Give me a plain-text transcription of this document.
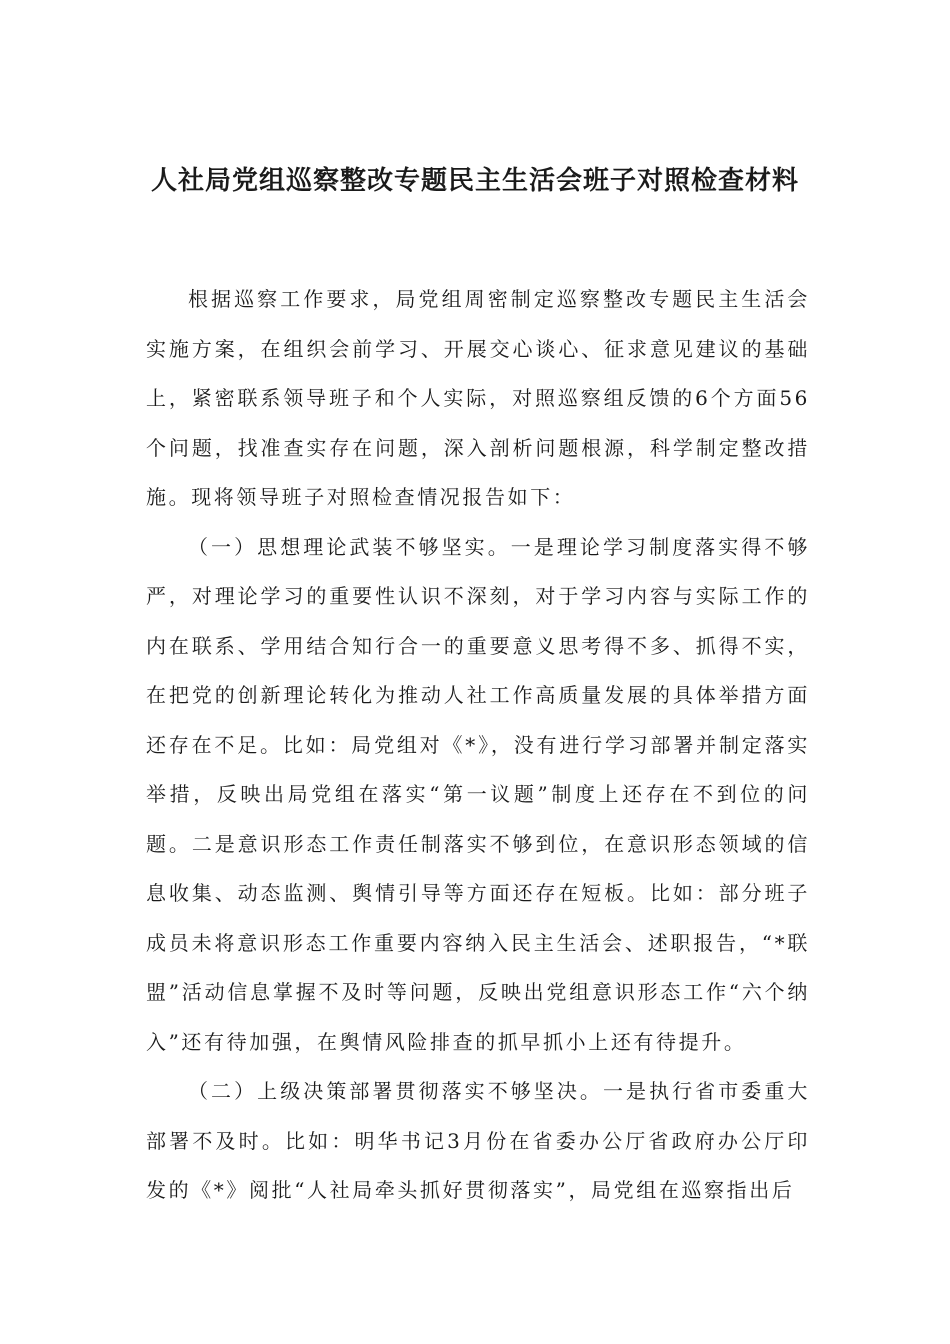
人社局党组巡察整改专题民主生活会班子对照检查材料

根据巡察工作要求，局党组周密制定巡察整改专题民主生活会实施方案，在组织会前学习、开展交心谈心、征求意见建议的基础上，紧密联系领导班子和个人实际，对照巡察组反馈的6个方面56个问题，找准查实存在问题，深入剖析问题根源，科学制定整改措施。现将领导班子对照检查情况报告如下：

（一）思想理论武装不够坚实。一是理论学习制度落实得不够严，对理论学习的重要性认识不深刻，对于学习内容与实际工作的内在联系、学用结合知行合一的重要意义思考得不多、抓得不实，在把党的创新理论转化为推动人社工作高质量发展的具体举措方面还存在不足。比如：局党组对《*》，没有进行学习部署并制定落实举措，反映出局党组在落实“第一议题”制度上还存在不到位的问题。二是意识形态工作责任制落实不够到位，在意识形态领域的信息收集、动态监测、舆情引导等方面还存在短板。比如：部分班子成员未将意识形态工作重要内容纳入民主生活会、述职报告，“*联盟”活动信息掌握不及时等问题，反映出党组意识形态工作“六个纳入”还有待加强，在舆情风险排查的抓早抓小上还有待提升。

（二）上级决策部署贯彻落实不够坚决。一是执行省市委重大部署不及时。比如：明华书记3月份在省委办公厅省政府办公厅印发的《*》阅批“人社局牵头抓好贯彻落实”，局党组在巡察指出后
